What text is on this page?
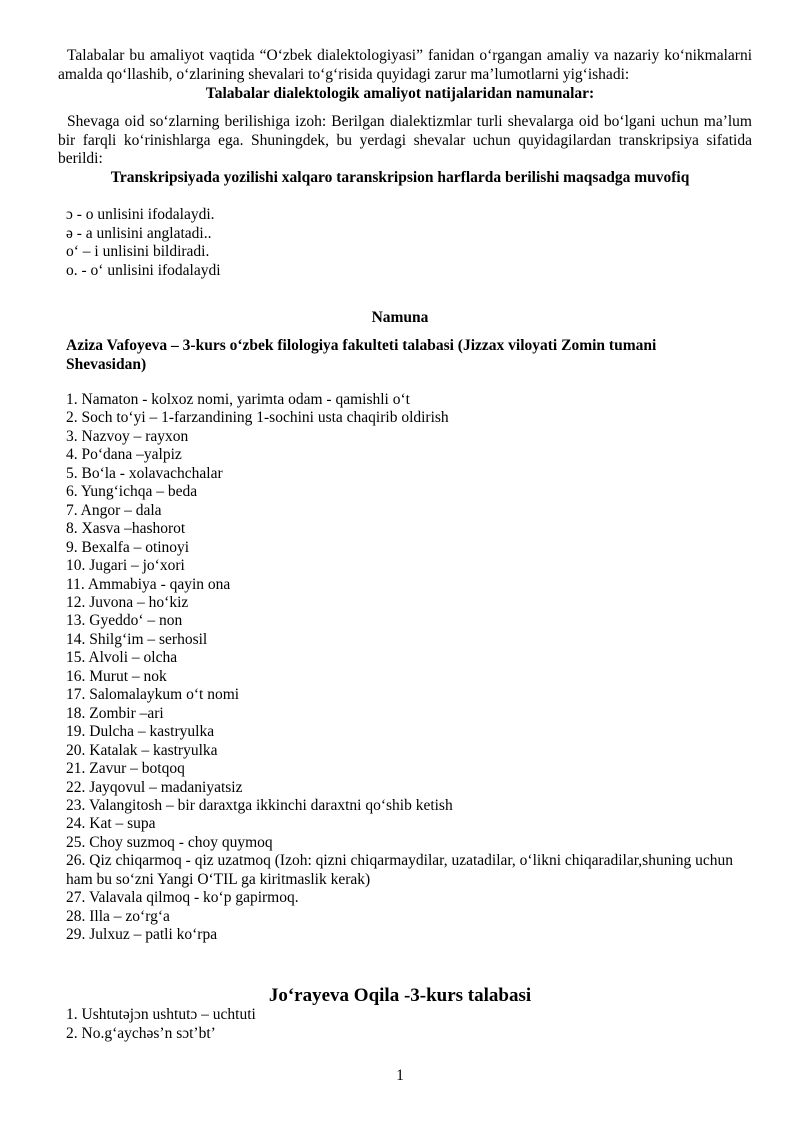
Talabalar bu amaliyot vaqtida “O‘zbek dialektologiyasi” fanidan o‘rgangan amaliy va nazariy ko‘nikmalarni amalda qo‘llashib, o‘zlarining shevalari to‘g‘risida quyidagi zarur ma’lumotlarni yig‘ishadi:

Talabalar dialektologik amaliyot natijalaridan namunalar:

Shevaga oid so‘zlarning berilishiga izoh: Berilgan dialektizmlar turli shevalarga oid bo‘lgani uchun ma’lum bir farqli ko‘rinishlarga ega. Shuningdek, bu yerdagi shevalar uchun quyidagilardan transkripsiya sifatida berildi:

Transkripsiyada yozilishi xalqaro taranskripsion harflarda berilishi maqsadga muvofiq

ɔ - o unlisini ifodalaydi.

ə - a unlisini anglatadi..

o‘ – i unlisini bildiradi.

o. - o‘ unlisini ifodalaydi

Namuna

Aziza Vafoyeva – 3-kurs o‘zbek filologiya fakulteti talabasi (Jizzax viloyati Zomin tumani Shevasidan)

1. Namaton - kolxoz nomi, yarimta odam - qamishli o‘t
2. Soch to‘yi – 1-farzandining 1-sochini usta chaqirib oldirish
3. Nazvoy – rayxon
4. Po‘dana –yalpiz
5. Bo‘la - xolavachchalar
6. Yung‘ichqa – beda
7. Angor – dala
8. Xasva –hashorot
9. Bexalfa – otinoyi
10. Jugari – jo‘xori
11. Ammabiya - qayin ona
12. Juvona – ho‘kiz
13. Gyeddo‘ – non
14. Shilg‘im – serhosil
15. Alvoli – olcha
16. Murut – nok
17. Salomalaykum o‘t nomi
18. Zombir –ari
19. Dulcha – kastryulka
20. Katalak – kastryulka
21. Zavur – botqoq
22. Jayqovul – madaniyatsiz
23. Valangitosh – bir daraxtga ikkinchi daraxtni qo‘shib ketish
24. Kat – supa
25. Choy suzmoq - choy quymoq
26. Qiz chiqarmoq - qiz uzatmoq (Izoh: qizni chiqarmaydilar, uzatadilar, o‘likni chiqaradilar,shuning uchun ham bu so‘zni Yangi O‘TIL ga kiritmaslik kerak)
27. Valavala qilmoq - ko‘p gapirmoq.
28. Illa – zo‘rg‘a
29. Julxuz – patli ko‘rpa

Jo‘rayeva Oqila -3-kurs talabasi

1. Ushtutəjɔn ushtutɔ – uchtuti

2. No.g‘aychəs’n sɔt’bt’

1
